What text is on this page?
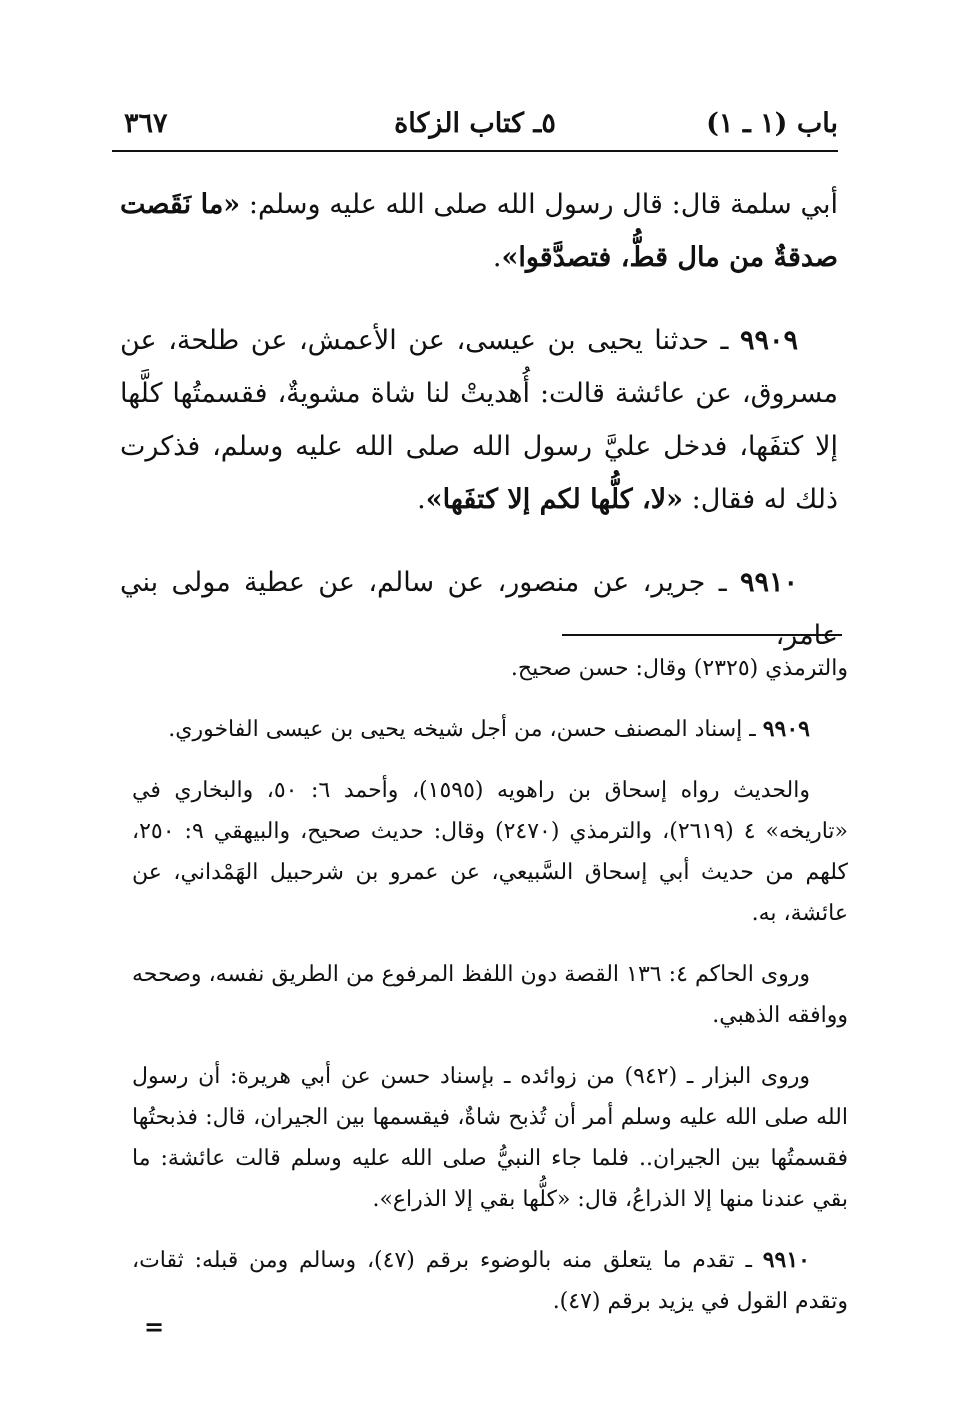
باب (١ ـ ١)
٥ـ كتاب الزكاة
٣٦٧

أبي سلمة قال: قال رسول الله صلى الله عليه وسلم: «ما نَقَصت صدقةٌ من مال قطُّ، فتصدَّقوا».

٩٩٠٩ ـ حدثنا يحيى بن عيسى، عن الأعمش، عن طلحة، عن مسروق، عن عائشة قالت: أُهديتْ لنا شاة مشويةٌ، فقسمتُها كلَّها إلا كتفَها، فدخل عليَّ رسول الله صلى الله عليه وسلم، فذكرت ذلك له فقال: «لا، كلُّها لكم إلا كتفَها».

٩٩١٠ ـ جرير، عن منصور، عن سالم، عن عطية مولى بني عامر،

والترمذي (٢٣٢٥) وقال: حسن صحيح.

٩٩٠٩ ـ إسناد المصنف حسن، من أجل شيخه يحيى بن عيسى الفاخوري.

والحديث رواه إسحاق بن راهويه (١٥٩٥)، وأحمد ٦: ٥٠، والبخاري في «تاريخه» ٤ (٢٦١٩)، والترمذي (٢٤٧٠) وقال: حديث صحيح، والبيهقي ٩: ٢٥٠، كلهم من حديث أبي إسحاق السَّبيعي، عن عمرو بن شرحبيل الهَمْداني، عن عائشة، به.

وروى الحاكم ٤: ١٣٦ القصة دون اللفظ المرفوع من الطريق نفسه، وصححه ووافقه الذهبي.

وروى البزار ـ (٩٤٢) من زوائده ـ بإسناد حسن عن أبي هريرة: أن رسول الله صلى الله عليه وسلم أمر أن تُذبح شاةٌ، فيقسمها بين الجيران، قال: فذبحتُها فقسمتُها بين الجيران.. فلما جاء النبيُّ صلى الله عليه وسلم قالت عائشة: ما بقي عندنا منها إلا الذراعُ، قال: «كلُّها بقي إلا الذراع».

٩٩١٠ ـ تقدم ما يتعلق منه بالوضوء برقم (٤٧)، وسالم ومن قبله: ثقات، وتقدم القول في يزيد برقم (٤٧).

=
